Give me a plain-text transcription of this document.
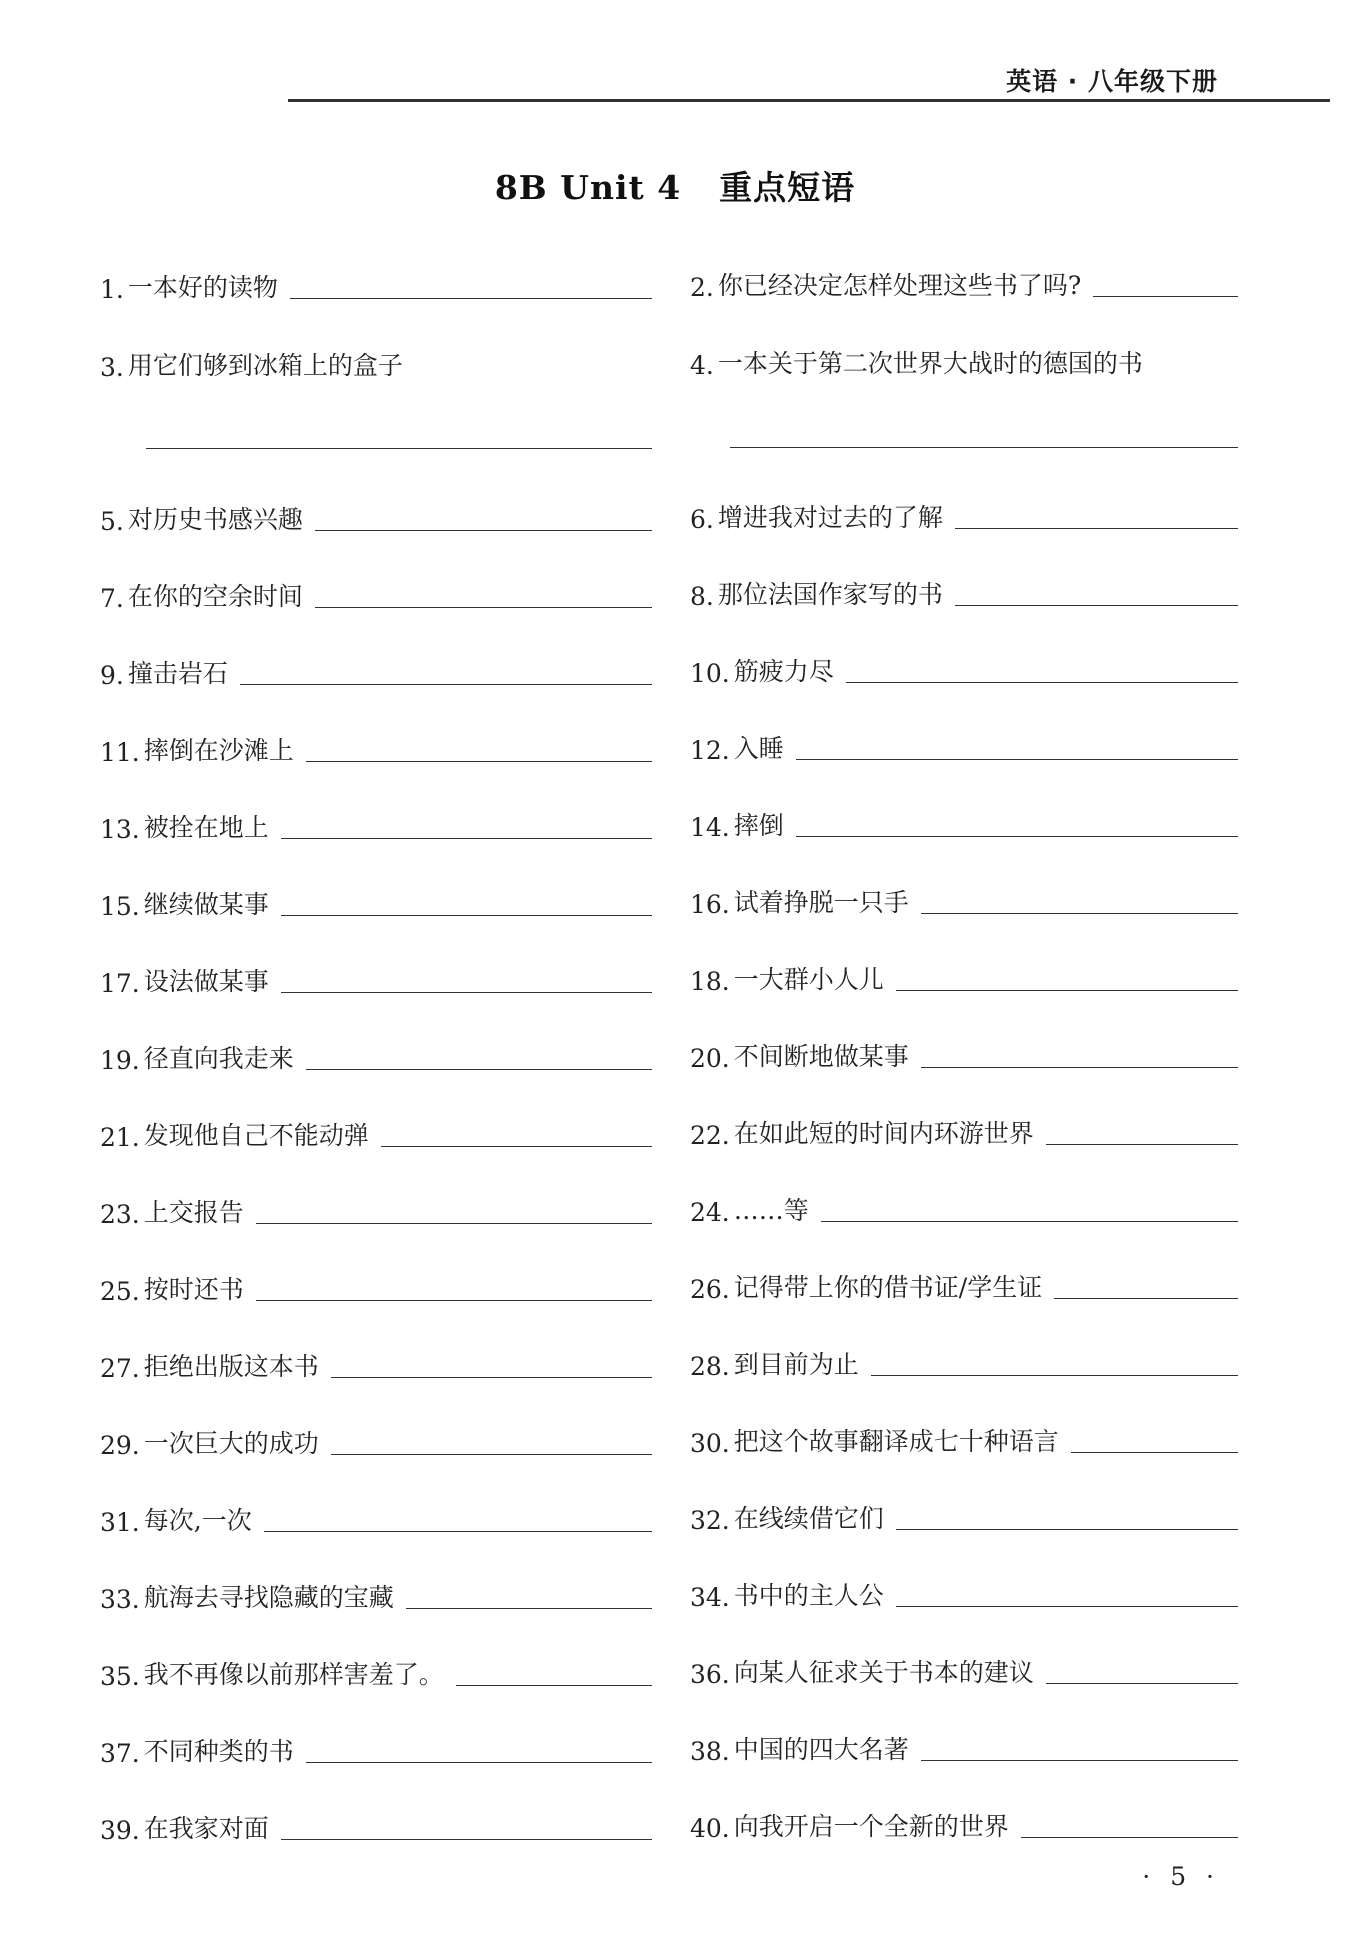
英语 · 八年级下册
8B Unit 4 重点短语
1. 一本好的读物	2. 你已经决定怎样处理这些书了吗?
3. 用它们够到冰箱上的盒子	4. 一本关于第二次世界大战时的德国的书
5. 对历史书感兴趣	6. 增进我对过去的了解
7. 在你的空余时间	8. 那位法国作家写的书
9. 撞击岩石	10. 筋疲力尽
11. 摔倒在沙滩上	12. 入睡
13. 被拴在地上	14. 摔倒
15. 继续做某事	16. 试着挣脱一只手
17. 设法做某事	18. 一大群小人儿
19. 径直向我走来	20. 不间断地做某事
21. 发现他自己不能动弹	22. 在如此短的时间内环游世界
23. 上交报告	24. ……等
25. 按时还书	26. 记得带上你的借书证/学生证
27. 拒绝出版这本书	28. 到目前为止
29. 一次巨大的成功	30. 把这个故事翻译成七十种语言
31. 每次,一次	32. 在线续借它们
33. 航海去寻找隐藏的宝藏	34. 书中的主人公
35. 我不再像以前那样害羞了。	36. 向某人征求关于书本的建议
37. 不同种类的书	38. 中国的四大名著
39. 在我家对面	40. 向我开启一个全新的世界
· 5 ·
